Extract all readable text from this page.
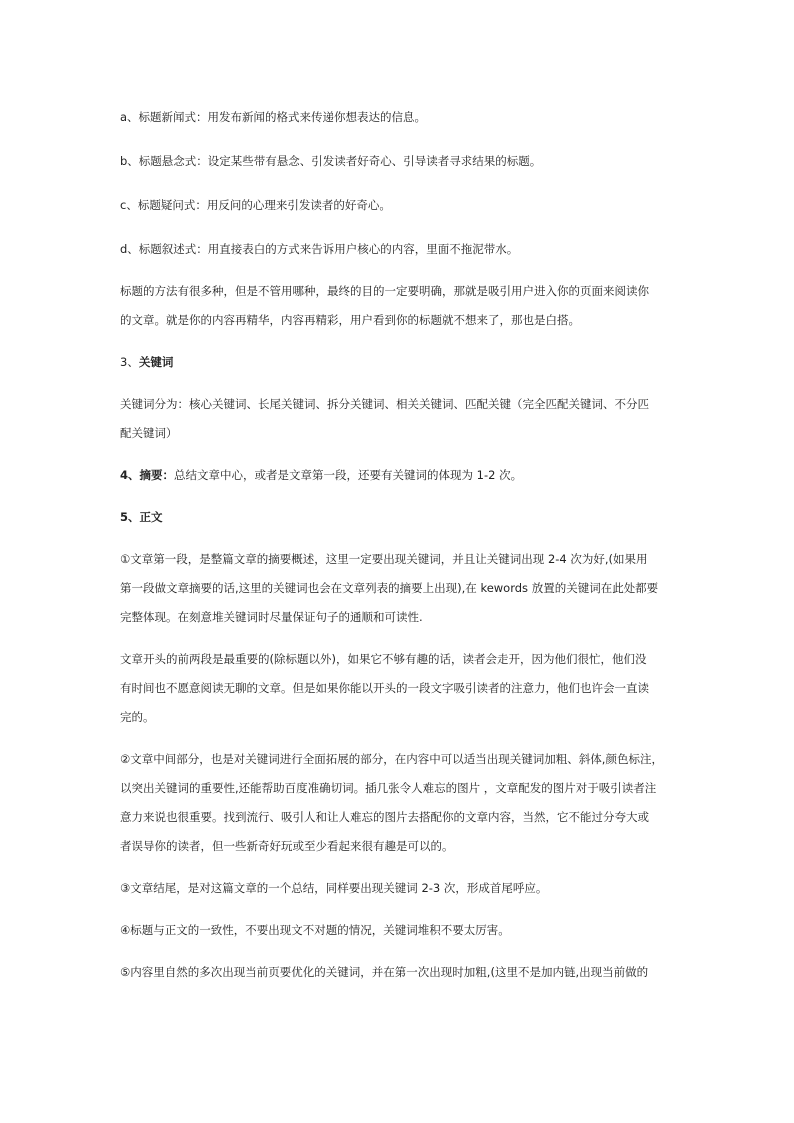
a、标题新闻式：用发布新闻的格式来传递你想表达的信息。

b、标题悬念式：设定某些带有悬念、引发读者好奇心、引导读者寻求结果的标题。

c、标题疑问式：用反问的心理来引发读者的好奇心。

d、标题叙述式：用直接表白的方式来告诉用户核心的内容，里面不拖泥带水。

标题的方法有很多种，但是不管用哪种，最终的目的一定要明确，那就是吸引用户进入你的页面来阅读你

的文章。就是你的内容再精华，内容再精彩，用户看到你的标题就不想来了，那也是白搭。

3、关键词

关键词分为：核心关键词、长尾关键词、拆分关键词、相关关键词、匹配关键（完全匹配关键词、不分匹

配关键词）

4、摘要：总结文章中心，或者是文章第一段，还要有关键词的体现为 1-2 次。

5、正文

①文章第一段，是整篇文章的摘要概述，这里一定要出现关键词，并且让关键词出现 2-4 次为好,(如果用

第一段做文章摘要的话,这里的关键词也会在文章列表的摘要上出现),在 kewords 放置的关键词在此处都要

完整体现。在刻意堆关键词时尽量保证句子的通顺和可读性.

文章开头的前两段是最重要的(除标题以外)，如果它不够有趣的话，读者会走开，因为他们很忙，他们没

有时间也不愿意阅读无聊的文章。但是如果你能以开头的一段文字吸引读者的注意力，他们也许会一直读

完的。

②文章中间部分，也是对关键词进行全面拓展的部分，在内容中可以适当出现关键词加粗、斜体,颜色标注，

以突出关键词的重要性,还能帮助百度准确切词。插几张令人难忘的图片 ，文章配发的图片对于吸引读者注

意力来说也很重要。找到流行、吸引人和让人难忘的图片去搭配你的文章内容，当然，它不能过分夸大或

者误导你的读者，但一些新奇好玩或至少看起来很有趣是可以的。

③文章结尾，是对这篇文章的一个总结，同样要出现关键词 2-3 次，形成首尾呼应。

④标题与正文的一致性，不要出现文不对题的情况，关键词堆积不要太厉害。

⑤内容里自然的多次出现当前页要优化的关键词，并在第一次出现时加粗,(这里不是加内链,出现当前做的
